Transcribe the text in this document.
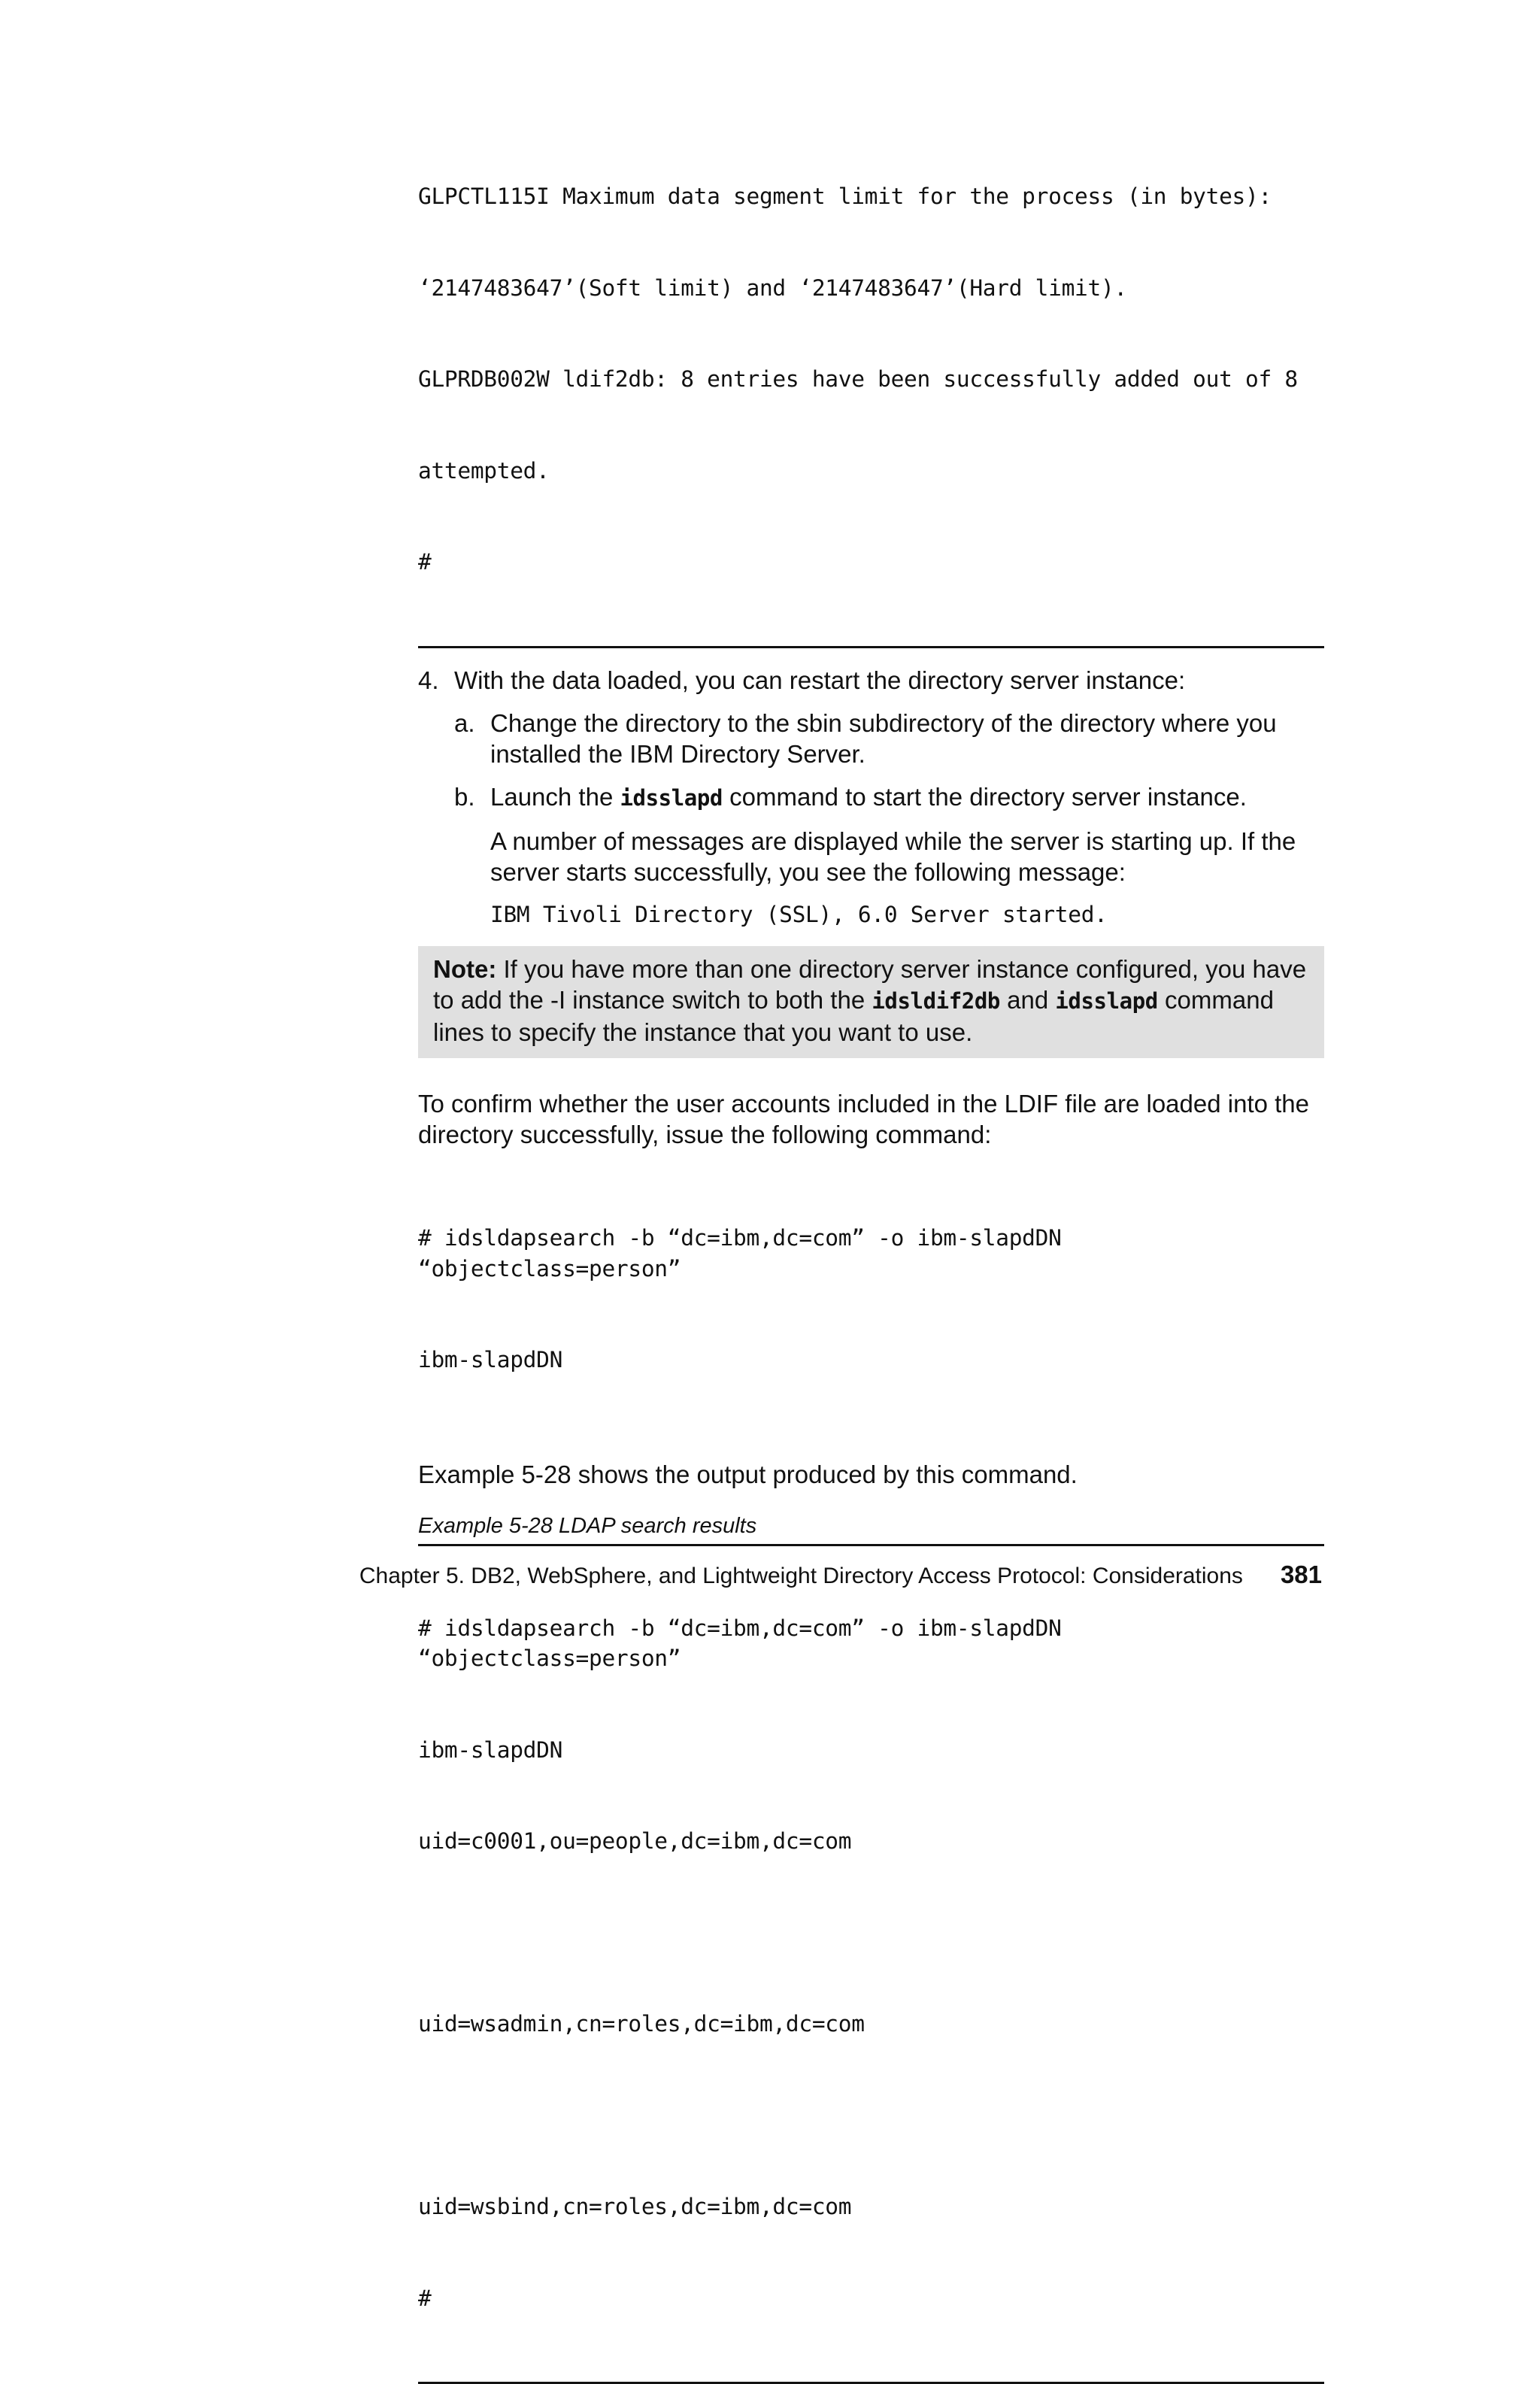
GLPCTL115I Maximum data segment limit for the process (in bytes):

‘2147483647’(Soft limit) and ‘2147483647’(Hard limit).

GLPRDB002W ldif2db: 8 entries have been successfully added out of 8

attempted.

#

4. With the data loaded, you can restart the directory server instance:
a. Change the directory to the sbin subdirectory of the directory where you installed the IBM Directory Server.
b. Launch the idsslapd command to start the directory server instance.
A number of messages are displayed while the server is starting up. If the server starts successfully, you see the following message:
IBM Tivoli Directory (SSL), 6.0 Server started.
Note: If you have more than one directory server instance configured, you have to add the -I instance switch to both the idsldif2db and idsslapd command lines to specify the instance that you want to use.
To confirm whether the user accounts included in the LDIF file are loaded into the directory successfully, issue the following command:

# idsldapsearch -b “dc=ibm,dc=com” -o ibm-slapdDN “objectclass=person”

ibm-slapdDN

Example 5-28 shows the output produced by this command.
Example 5-28 LDAP search results

# idsldapsearch -b “dc=ibm,dc=com” -o ibm-slapdDN “objectclass=person”

ibm-slapdDN

uid=c0001,ou=people,dc=ibm,dc=com

uid=wsadmin,cn=roles,dc=ibm,dc=com

uid=wsbind,cn=roles,dc=ibm,dc=com

#

Chapter 5. DB2, WebSphere, and Lightweight Directory Access Protocol: Considerations 381
